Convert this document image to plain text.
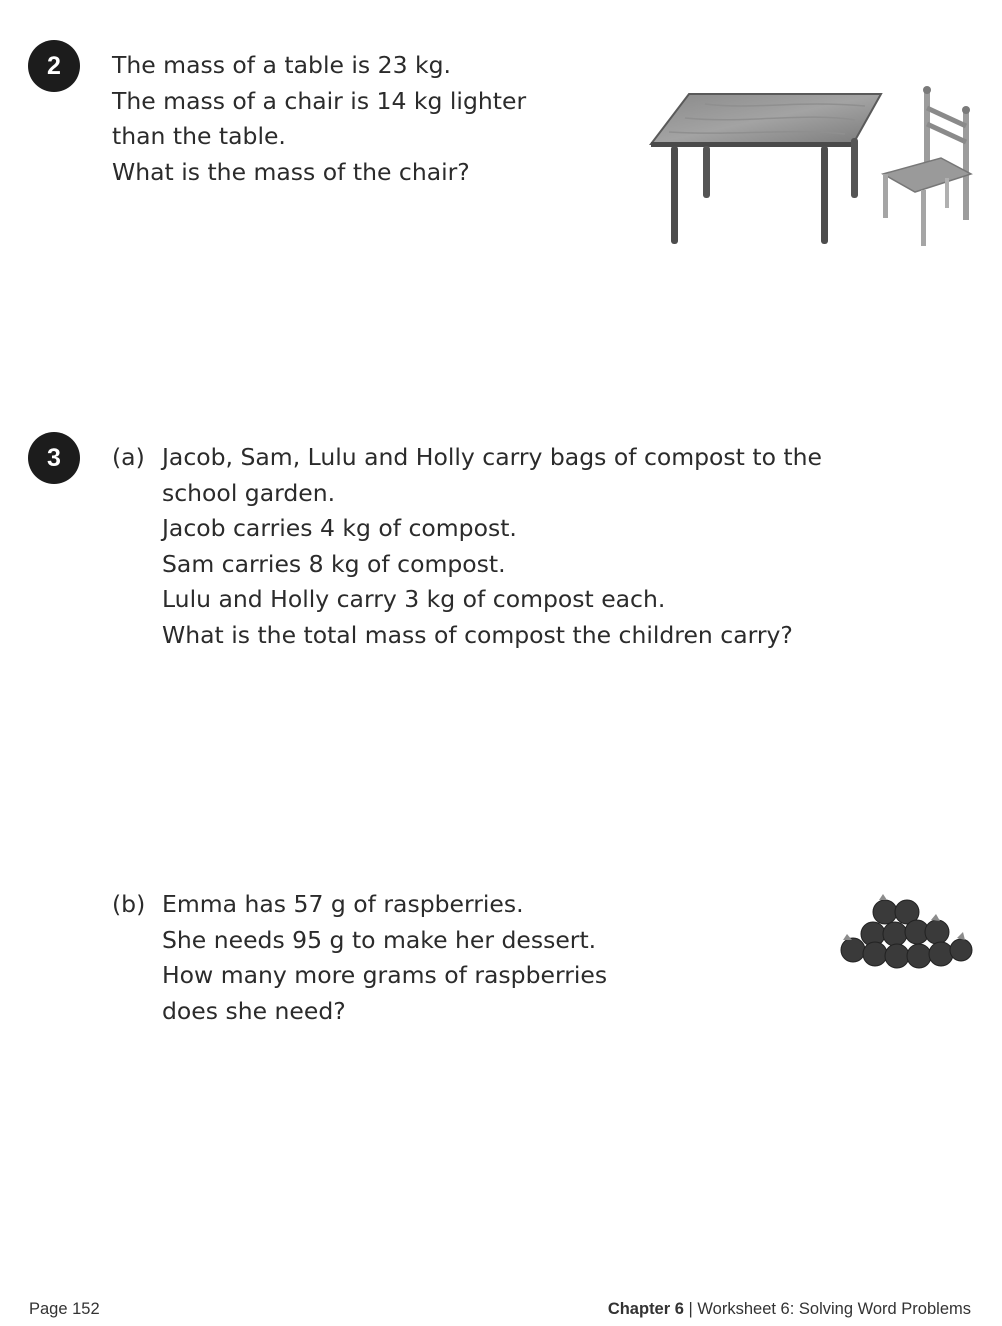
2 The mass of a table is 23 kg.
The mass of a chair is 14 kg lighter
than the table.
What is the mass of the chair?
3 (a) Jacob, Sam, Lulu and Holly carry bags of compost to the
school garden.
Jacob carries 4 kg of compost.
Sam carries 8 kg of compost.
Lulu and Holly carry 3 kg of compost each.
What is the total mass of compost the children carry?
(b) Emma has 57 g of raspberries.
She needs 95 g to make her dessert.
How many more grams of raspberries
does she need?
Page 152	Chapter 6 | Worksheet 6: Solving Word Problems
